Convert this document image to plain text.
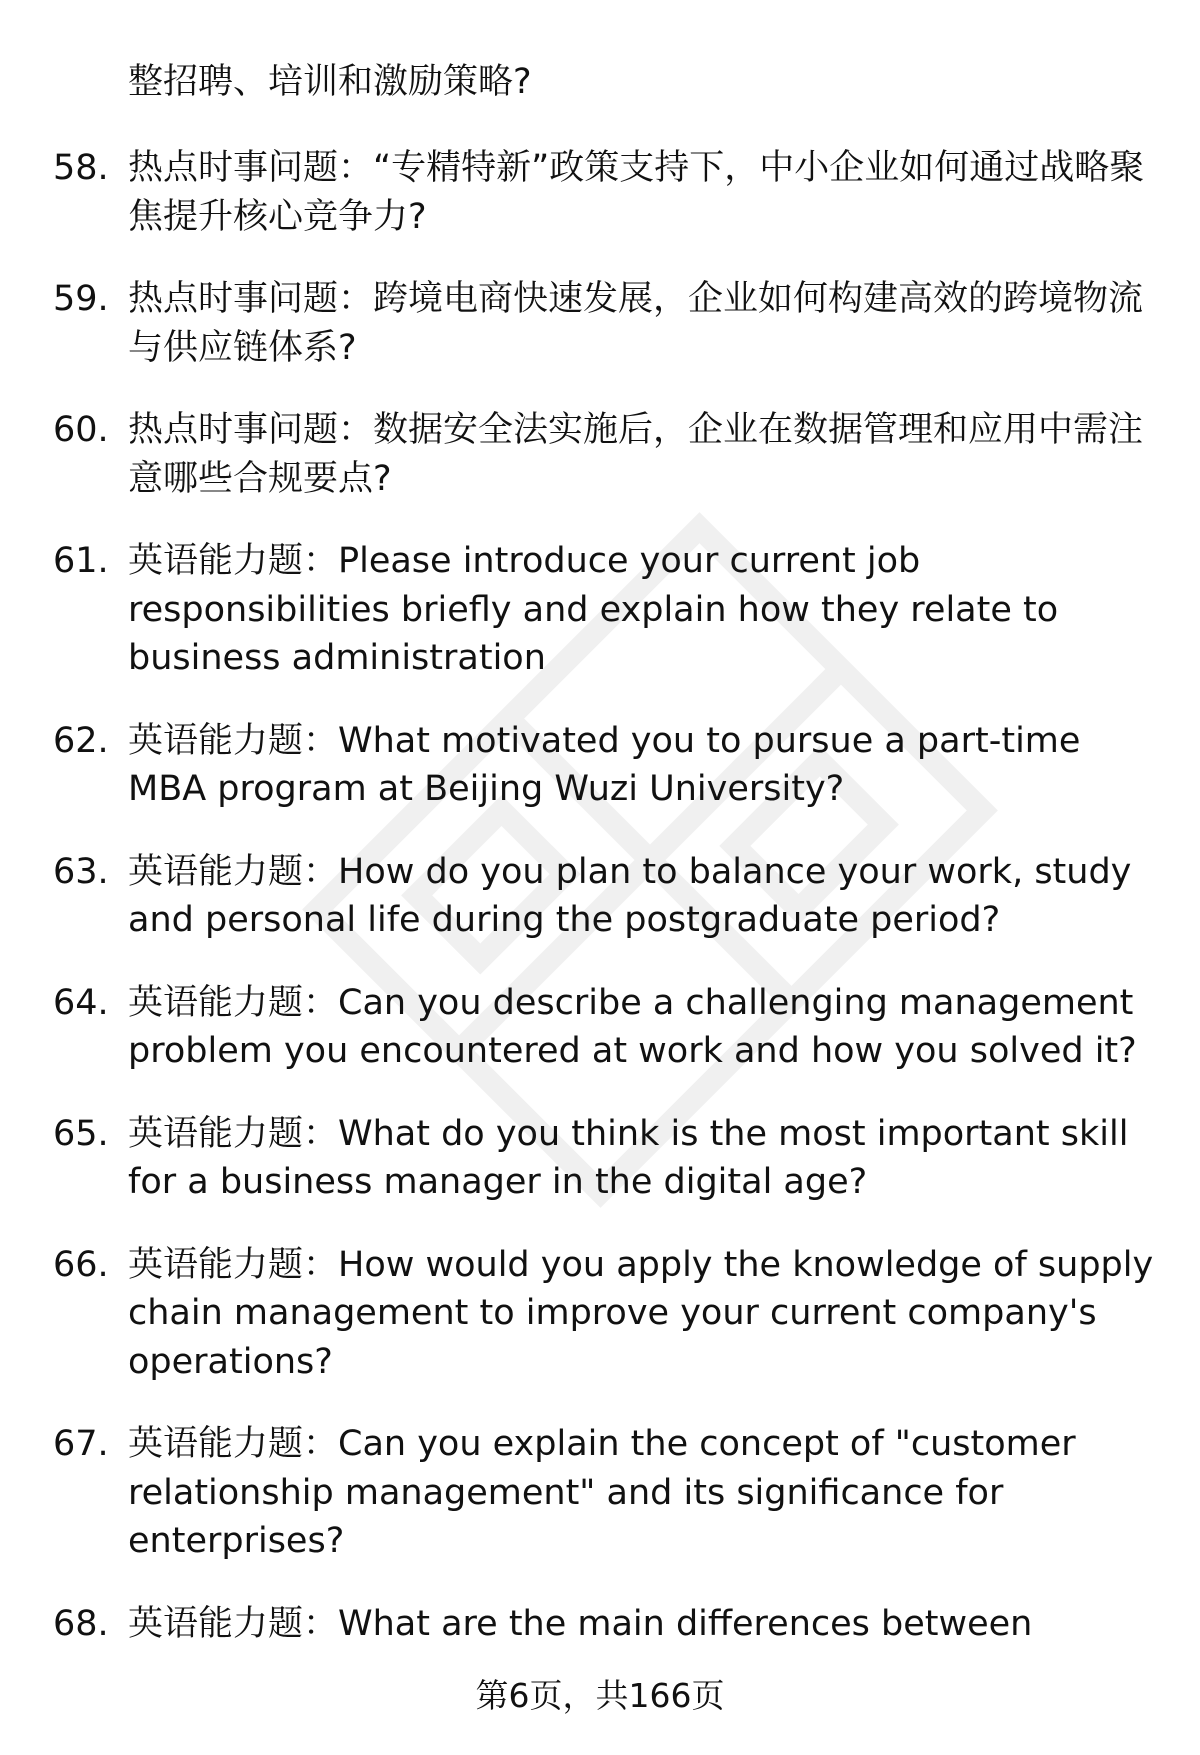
整招聘、培训和激励策略?
58. 热点时事问题：“专精特新”政策支持下，中小企业如何通过战略聚焦提升核心竞争力?
59. 热点时事问题：跨境电商快速发展，企业如何构建高效的跨境物流与供应链体系?
60. 热点时事问题：数据安全法实施后，企业在数据管理和应用中需注意哪些合规要点?
61. 英语能力题：Please introduce your current job responsibilities briefly and explain how they relate to business administration
62. 英语能力题：What motivated you to pursue a part-time MBA program at Beijing Wuzi University?
63. 英语能力题：How do you plan to balance your work, study and personal life during the postgraduate period?
64. 英语能力题：Can you describe a challenging management problem you encountered at work and how you solved it?
65. 英语能力题：What do you think is the most important skill for a business manager in the digital age?
66. 英语能力题：How would you apply the knowledge of supply chain management to improve your current company's operations?
67. 英语能力题：Can you explain the concept of "customer relationship management" and its significance for enterprises?
68. 英语能力题：What are the main differences between
第6页，共166页
